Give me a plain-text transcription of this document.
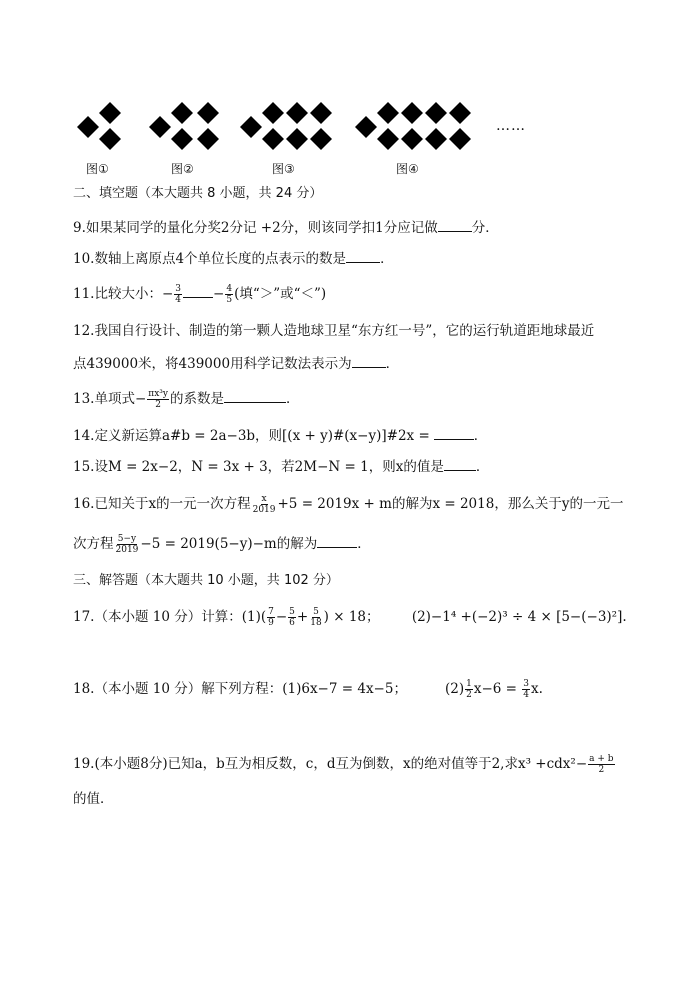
图①	图②	图③	图④
……
二、填空题（本大题共 8 小题，共 24 分）
9.如果某同学的量化分奖2分记 +2分，则该同学扣1分应记做	分．
10.数轴上离原点4个单位长度的点表示的数是	．
11.比较大小：− $\frac{3}{4} - \frac{4}{5}$ (填“＞”或“＜”)
12.我国自行设计、制造的第一颗人造地球卫星“东方红一号”，它的运行轨道距地球最近
点439000米，将439000用科学记数法表示为	．
13.单项式− $\frac{\text{πx³y}}{2}$ 的系数是	．
14.定义新运算a#b = 2a−3b，则[(x + y)#(x−y)]#2x =	．
15.设M = 2x−2，N = 3x + 3，若2M−N = 1，则x的值是 ．
16.已知关于x的一元一次方程 $\frac{x}{2019} +5 = 2019x + m$的解为x = 2018，那么关于y的一元一
次方程 $\frac{5-y}{2019} -5 = 2019(5-y)-m$的解为	．
三、解答题（本大题共 10 小题，共 102 分）
17.（本小题 10 分）计算：$(1)( \frac{7}{9} - \frac{5}{6} + \frac{5}{18}$ ) × 18； (2)−1⁴ +(−2)³ ÷ 4 × [5−(−3)²].
18.（本小题 10 分）解下列方程：(1)6x−7 = 4x−5；	$(2) \frac{1}{2} x-6 = \frac{3}{4} x$.
19.(本小题8分)已知a，b互为相反数，c，d互为倒数，x的绝对值等于2,求$x^3 +cdx^2- \frac{a + b}{2}$
的值．
